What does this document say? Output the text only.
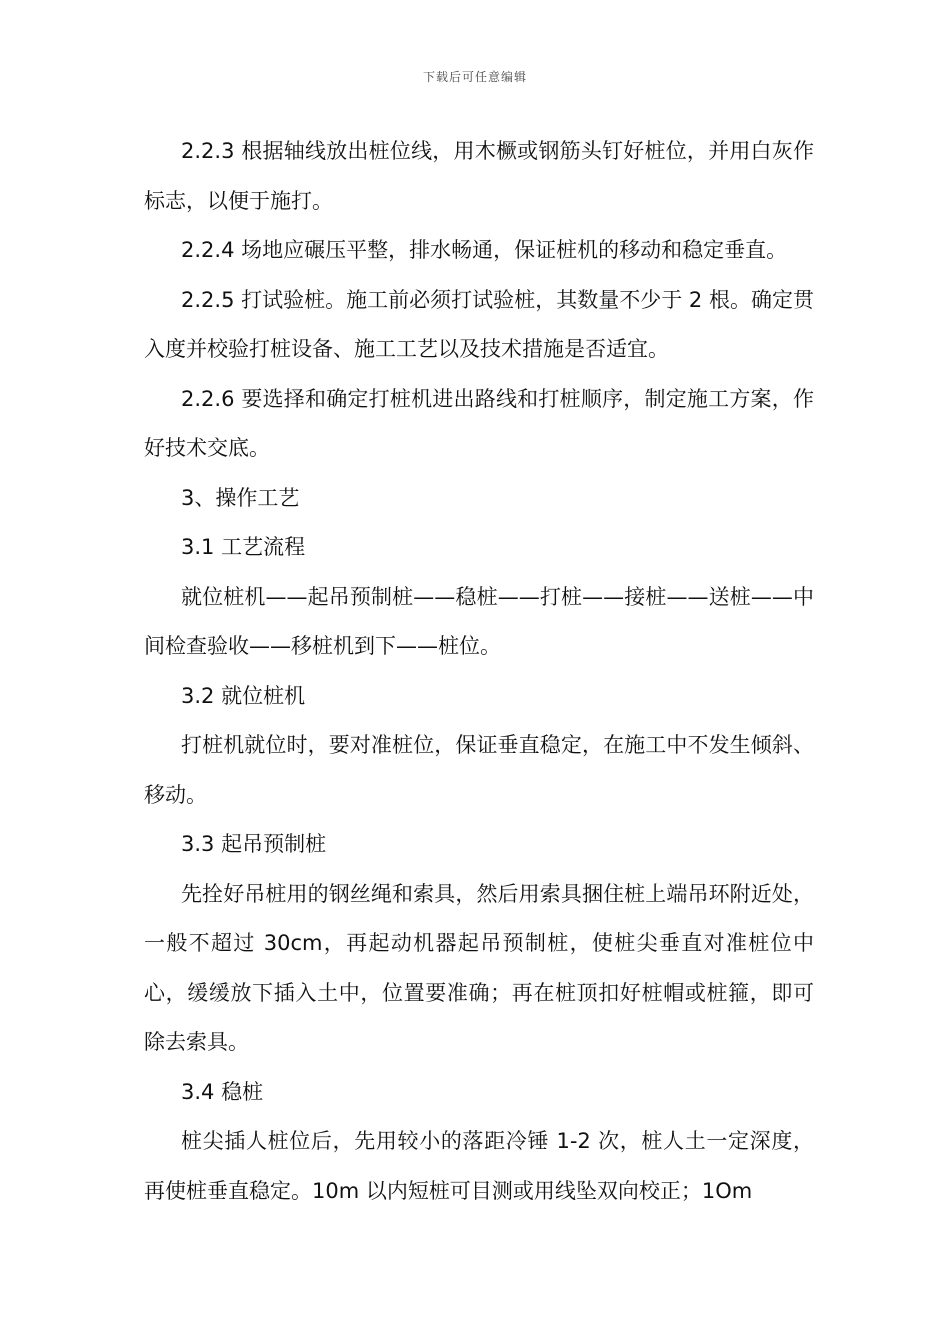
下载后可任意编辑

2.2.3 根据轴线放出桩位线，用木橛或钢筋头钉好桩位，并用白灰作标志，以便于施打。

2.2.4 场地应碾压平整，排水畅通，保证桩机的移动和稳定垂直。

2.2.5 打试验桩。施工前必须打试验桩，其数量不少于 2 根。确定贯入度并校验打桩设备、施工工艺以及技术措施是否适宜。

2.2.6 要选择和确定打桩机进出路线和打桩顺序，制定施工方案，作好技术交底。

3、操作工艺

3.1 工艺流程

就位桩机——起吊预制桩——稳桩——打桩——接桩——送桩——中间检查验收——移桩机到下——桩位。

3.2 就位桩机

打桩机就位时，要对准桩位，保证垂直稳定，在施工中不发生倾斜、移动。

3.3 起吊预制桩

先拴好吊桩用的钢丝绳和索具，然后用索具捆住桩上端吊环附近处，一般不超过 30cm，再起动机器起吊预制桩，使桩尖垂直对准桩位中心，缓缓放下插入土中，位置要准确；再在桩顶扣好桩帽或桩箍，即可除去索具。

3.4 稳桩

桩尖插人桩位后，先用较小的落距冷锤 1-2 次，桩人土一定深度，再使桩垂直稳定。10m 以内短桩可目测或用线坠双向校正；1Om
